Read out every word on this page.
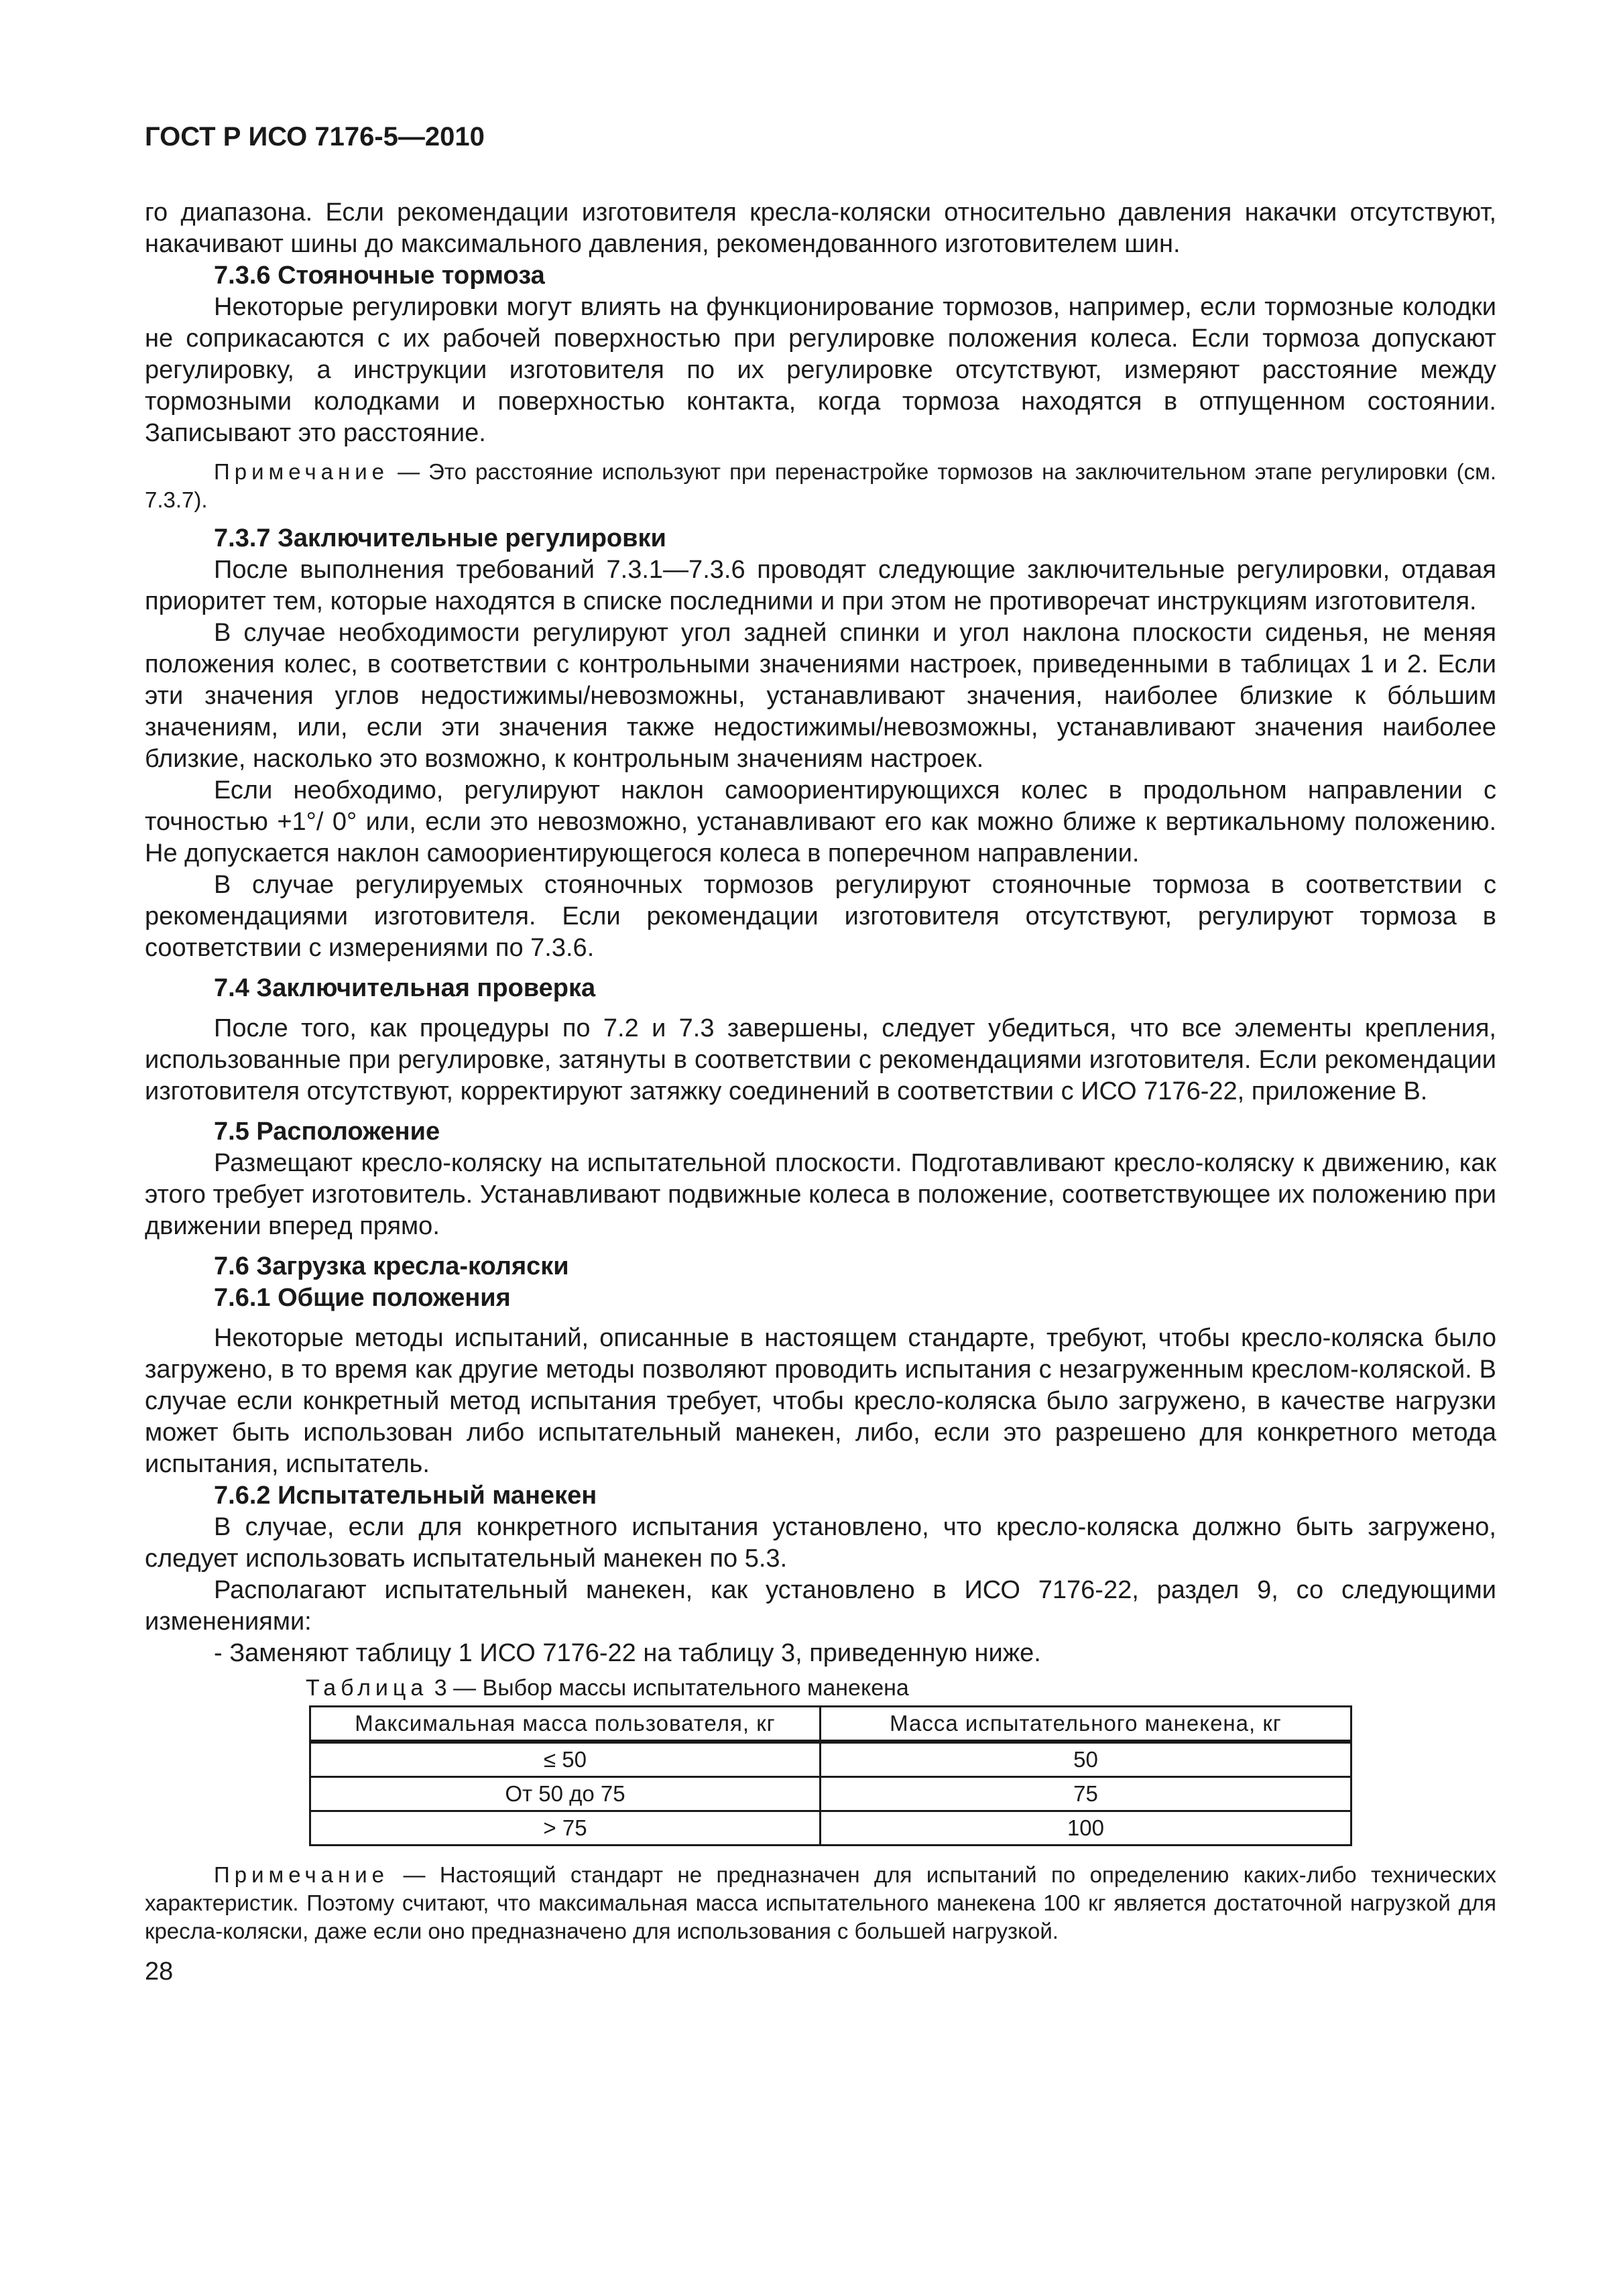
ГОСТ Р ИСО 7176-5—2010

го диапазона. Если рекомендации изготовителя кресла-коляски относительно давления накачки отсутствуют, накачивают шины до максимального давления, рекомендованного изготовителем шин.

7.3.6 Стояночные тормоза

Некоторые регулировки могут влиять на функционирование тормозов, например, если тормозные колодки не соприкасаются с их рабочей поверхностью при регулировке положения колеса. Если тормоза допускают регулировку, а инструкции изготовителя по их регулировке отсутствуют, измеряют расстояние между тормозными колодками и поверхностью контакта, когда тормоза находятся в отпущенном состоянии. Записывают это расстояние.

Примечание — Это расстояние используют при перенастройке тормозов на заключительном этапе регулировки (см. 7.3.7).
7.3.7 Заключительные регулировки

После выполнения требований 7.3.1—7.3.6 проводят следующие заключительные регулировки, отдавая приоритет тем, которые находятся в списке последними и при этом не противоречат инструкциям изготовителя.

В случае необходимости регулируют угол задней спинки и угол наклона плоскости сиденья, не меняя положения колес, в соответствии с контрольными значениями настроек, приведенными в таблицах 1 и 2. Если эти значения углов недостижимы/невозможны, устанавливают значения, наиболее близкие к бóльшим значениям, или, если эти значения также недостижимы/невозможны, устанавливают значения наиболее близкие, насколько это возможно, к контрольным значениям настроек.

Если необходимо, регулируют наклон самоориентирующихся колес в продольном направлении с точностью +1°/ 0° или, если это невозможно, устанавливают его как можно ближе к вертикальному положению. Не допускается наклон самоориентирующегося колеса в поперечном направлении.

В случае регулируемых стояночных тормозов регулируют стояночные тормоза в соответствии с рекомендациями изготовителя. Если рекомендации изготовителя отсутствуют, регулируют тормоза в соответствии с измерениями по 7.3.6.

7.4 Заключительная проверка

После того, как процедуры по 7.2 и 7.3 завершены, следует убедиться, что все элементы крепления, использованные при регулировке, затянуты в соответствии с рекомендациями изготовителя. Если рекомендации изготовителя отсутствуют, корректируют затяжку соединений в соответствии с ИСО 7176-22, приложение В.

7.5 Расположение

Размещают кресло-коляску на испытательной плоскости. Подготавливают кресло-коляску к движению, как этого требует изготовитель. Устанавливают подвижные колеса в положение, соответствующее их положению при движении вперед прямо.

7.6 Загрузка кресла-коляски
7.6.1 Общие положения

Некоторые методы испытаний, описанные в настоящем стандарте, требуют, чтобы кресло-коляска было загружено, в то время как другие методы позволяют проводить испытания с незагруженным креслом-коляской. В случае если конкретный метод испытания требует, чтобы кресло-коляска было загружено, в качестве нагрузки может быть использован либо испытательный манекен, либо, если это разрешено для конкретного метода испытания, испытатель.

7.6.2 Испытательный манекен

В случае, если для конкретного испытания установлено, что кресло-коляска должно быть загружено, следует использовать испытательный манекен по 5.3.

Располагают испытательный манекен, как установлено в ИСО 7176-22, раздел 9, со следующими изменениями:

- Заменяют таблицу 1 ИСО 7176-22 на таблицу 3, приведенную ниже.

Таблица 3 — Выбор массы испытательного манекена
Максимальная масса пользователя, кг	Масса испытательного манекена, кг
≤ 50	50
От 50 до 75	75
> 75	100
Примечание — Настоящий стандарт не предназначен для испытаний по определению каких-либо технических характеристик. Поэтому считают, что максимальная масса испытательного манекена 100 кг является достаточной нагрузкой для кресла-коляски, даже если оно предназначено для использования с большей нагрузкой.
28
